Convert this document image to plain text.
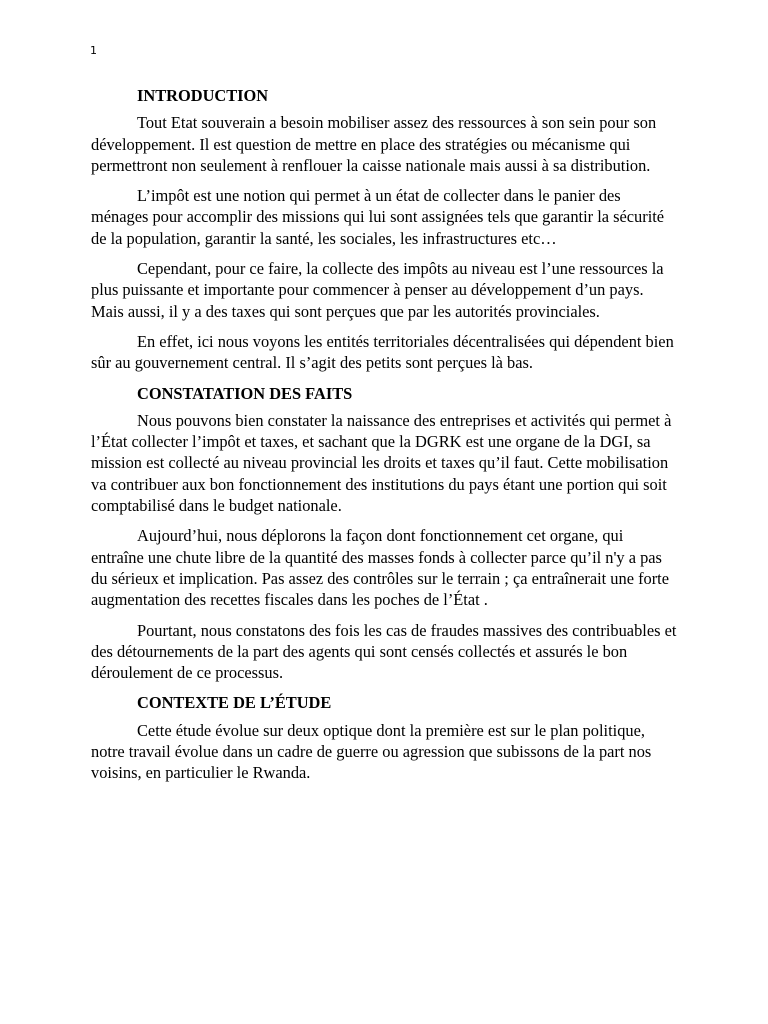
1
INTRODUCTION

Tout Etat souverain a besoin mobiliser assez des ressources à son sein pour son développement. Il est question de mettre en place des stratégies ou mécanisme qui permettront non seulement à renflouer la caisse nationale mais aussi à sa distribution.

L’impôt est une notion qui permet à un état de collecter dans le panier des ménages pour accomplir des missions qui lui sont assignées tels que garantir la sécurité de la population, garantir la santé, les sociales, les infrastructures etc…

Cependant, pour ce faire, la collecte des impôts au niveau est l’une ressources la plus puissante et importante pour commencer à penser au développement d’un pays. Mais aussi, il y a des taxes qui sont perçues que par les autorités provinciales.

En effet, ici nous voyons les entités territoriales décentralisées qui dépendent bien sûr au gouvernement central. Il s’agit des petits sont perçues là bas.

CONSTATATION DES FAITS

Nous pouvons bien constater la naissance des entreprises et activités qui permet à l’État collecter l’impôt et taxes, et sachant que la DGRK est une organe de la DGI, sa mission est collecté au niveau provincial les droits et taxes qu’il faut. Cette mobilisation va contribuer aux bon fonctionnement des institutions du pays étant une portion qui soit comptabilisé dans le budget nationale.

Aujourd’hui, nous déplorons la façon dont fonctionnement cet organe, qui entraîne une chute libre de la quantité des masses fonds à collecter parce qu’il n'y a pas du sérieux et implication. Pas assez des contrôles sur le terrain ; ça entraînerait une forte augmentation des recettes fiscales dans les poches de l’État .

Pourtant, nous constatons des fois les cas de fraudes massives des contribuables et des détournements de la part des agents qui sont censés collectés et assurés le bon déroulement de ce processus.

CONTEXTE DE L’ÉTUDE

Cette étude évolue sur deux optique dont la première est sur le plan politique, notre travail évolue dans un cadre de guerre ou agression que subissons de la part nos voisins, en particulier le Rwanda.
